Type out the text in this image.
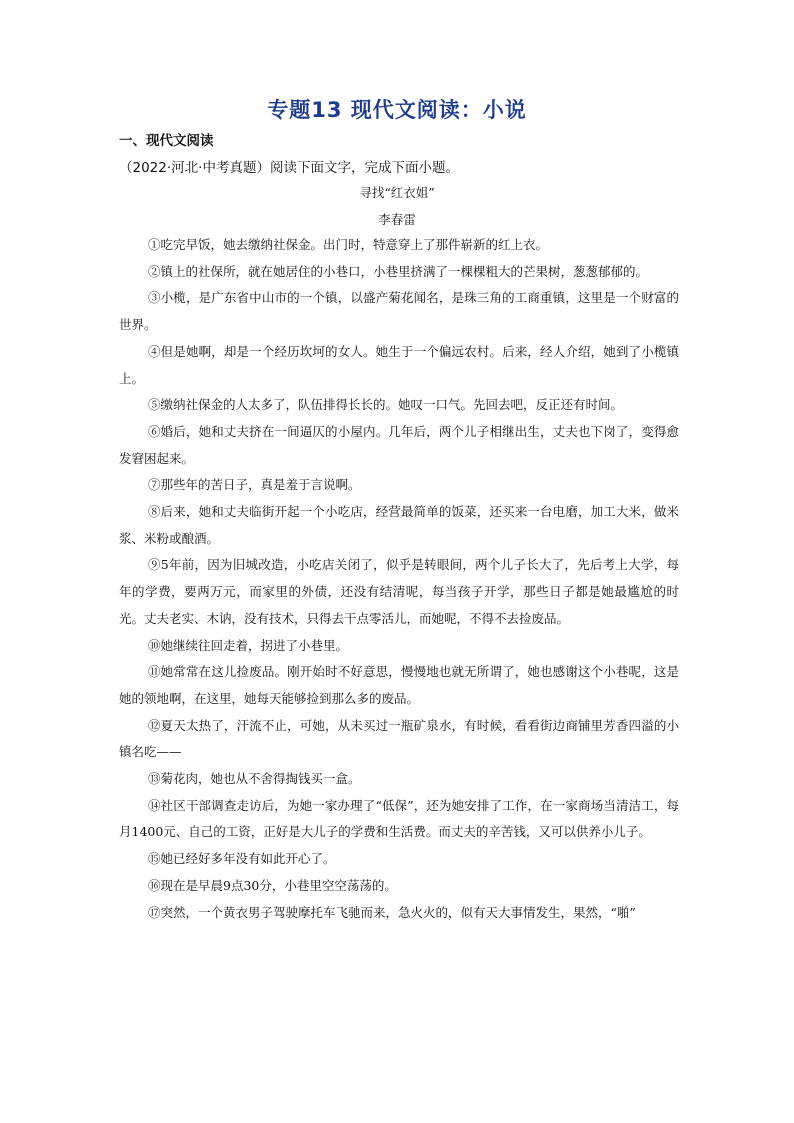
专题13 现代文阅读：小说
一、现代文阅读
（2022·河北·中考真题）阅读下面文字，完成下面小题。
寻找“红衣姐”
李春雷

①吃完早饭，她去缴纳社保金。出门时，特意穿上了那件崭新的红上衣。

②镇上的社保所，就在她居住的小巷口，小巷里挤满了一棵棵粗大的芒果树，葱葱郁郁的。

③小榄，是广东省中山市的一个镇，以盛产菊花闻名，是珠三角的工商重镇，这里是一个财富的世界。

④但是她啊，却是一个经历坎坷的女人。她生于一个偏远农村。后来，经人介绍，她到了小榄镇上。

⑤缴纳社保金的人太多了，队伍排得长长的。她叹一口气。先回去吧，反正还有时间。

⑥婚后，她和丈夫挤在一间逼仄的小屋内。几年后，两个儿子相继出生，丈夫也下岗了，变得愈发窘困起来。

⑦那些年的苦日子，真是羞于言说啊。

⑧后来，她和丈夫临街开起一个小吃店，经营最简单的饭菜，还买来一台电磨，加工大米，做米浆、米粉或酿酒。

⑨5年前，因为旧城改造，小吃店关闭了，似乎是转眼间，两个儿子长大了，先后考上大学，每年的学费，要两万元，而家里的外债，还没有结清呢，每当孩子开学，那些日子都是她最尴尬的时光。丈夫老实、木讷，没有技术，只得去干点零活儿，而她呢，不得不去捡废品。

⑩她继续往回走着，拐进了小巷里。

⑪她常常在这儿捡废品。刚开始时不好意思，慢慢地也就无所谓了，她也感谢这个小巷呢，这是她的领地啊，在这里，她每天能够捡到那么多的废品。

⑫夏天太热了，汗流不止，可她，从未买过一瓶矿泉水，有时候，看看街边商铺里芳香四溢的小镇名吃——

⑬菊花肉，她也从不舍得掏钱买一盒。

⑭社区干部调查走访后，为她一家办理了“低保”，还为她安排了工作，在一家商场当清洁工，每月1400元、自己的工资，正好是大儿子的学费和生活费。而丈夫的辛苦钱，又可以供养小儿子。

⑮她已经好多年没有如此开心了。

⑯现在是早晨9点30分，小巷里空空荡荡的。

⑰突然，一个黄衣男子驾驶摩托车飞驰而来，急火火的，似有天大事情发生，果然，“啪”
